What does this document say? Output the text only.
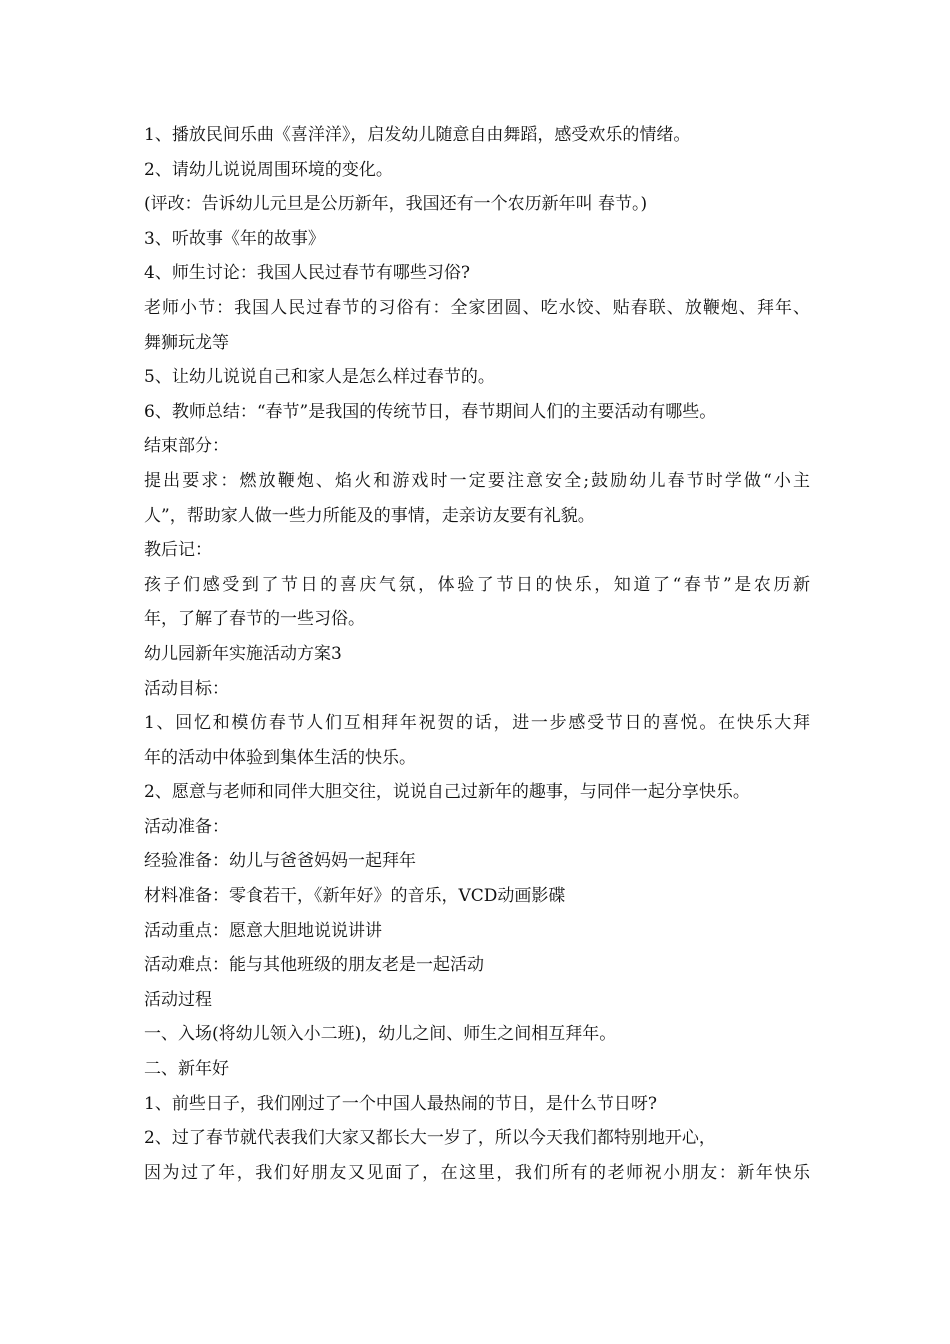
1、播放民间乐曲《喜洋洋》，启发幼儿随意自由舞蹈，感受欢乐的情绪。
2、请幼儿说说周围环境的变化。
(评改：告诉幼儿元旦是公历新年，我国还有一个农历新年叫 春节。)
3、听故事《年的故事》
4、师生讨论：我国人民过春节有哪些习俗?
老师小节：我国人民过春节的习俗有：全家团圆、吃水饺、贴春联、放鞭炮、拜年、
舞狮玩龙等
5、让幼儿说说自己和家人是怎么样过春节的。
6、教师总结：“春节”是我国的传统节日，春节期间人们的主要活动有哪些。
结束部分：
提出要求：燃放鞭炮、焰火和游戏时一定要注意安全;鼓励幼儿春节时学做“小主
人”，帮助家人做一些力所能及的事情，走亲访友要有礼貌。
教后记：
孩子们感受到了节日的喜庆气氛，体验了节日的快乐，知道了“春节”是农历新
年，了解了春节的一些习俗。
幼儿园新年实施活动方案3
活动目标：
1、回忆和模仿春节人们互相拜年祝贺的话，进一步感受节日的喜悦。在快乐大拜
年的活动中体验到集体生活的快乐。
2、愿意与老师和同伴大胆交往，说说自己过新年的趣事，与同伴一起分享快乐。
活动准备：
经验准备：幼儿与爸爸妈妈一起拜年
材料准备：零食若干，《新年好》的音乐，VCD动画影碟
活动重点：愿意大胆地说说讲讲
活动难点：能与其他班级的朋友老是一起活动
活动过程
一、入场(将幼儿领入小二班)，幼儿之间、师生之间相互拜年。
二、新年好
1、前些日子，我们刚过了一个中国人最热闹的节日，是什么节日呀?
2、过了春节就代表我们大家又都长大一岁了，所以今天我们都特别地开心，
因为过了年，我们好朋友又见面了，在这里，我们所有的老师祝小朋友：新年快乐
